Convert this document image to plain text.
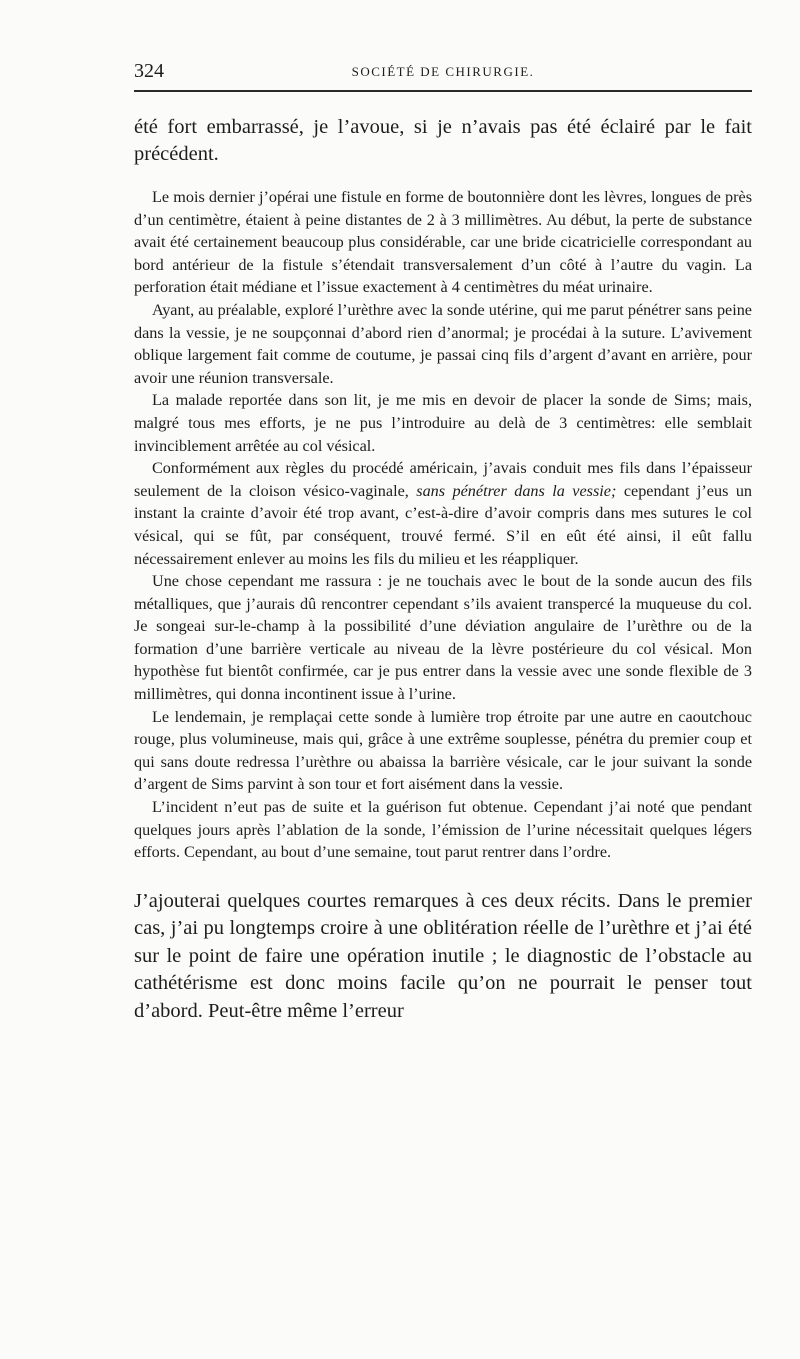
324	SOCIÉTÉ DE CHIRURGIE.

été fort embarrassé, je l’avoue, si je n’avais pas été éclairé par le fait précédent.

Le mois dernier j’opérai une fistule en forme de boutonnière dont les lèvres, longues de près d’un centimètre, étaient à peine distantes de 2 à 3 millimètres. Au début, la perte de substance avait été certainement beaucoup plus considérable, car une bride cicatricielle correspondant au bord antérieur de la fistule s’étendait transversalement d’un côté à l’autre du vagin. La perforation était médiane et l’issue exactement à 4 centimètres du méat urinaire.

Ayant, au préalable, exploré l’urèthre avec la sonde utérine, qui me parut pénétrer sans peine dans la vessie, je ne soupçonnai d’abord rien d’anormal; je procédai à la suture. L’avivement oblique largement fait comme de coutume, je passai cinq fils d’argent d’avant en arrière, pour avoir une réunion transversale.

La malade reportée dans son lit, je me mis en devoir de placer la sonde de Sims; mais, malgré tous mes efforts, je ne pus l’introduire au delà de 3 centimètres: elle semblait invinciblement arrêtée au col vésical.

Conformément aux règles du procédé américain, j’avais conduit mes fils dans l’épaisseur seulement de la cloison vésico-vaginale, sans pénétrer dans la vessie; cependant j’eus un instant la crainte d’avoir été trop avant, c’est-à-dire d’avoir compris dans mes sutures le col vésical, qui se fût, par conséquent, trouvé fermé. S’il en eût été ainsi, il eût fallu nécessairement enlever au moins les fils du milieu et les réappliquer.

Une chose cependant me rassura : je ne touchais avec le bout de la sonde aucun des fils métalliques, que j’aurais dû rencontrer cependant s’ils avaient transpercé la muqueuse du col. Je songeai sur-le-champ à la possibilité d’une déviation angulaire de l’urèthre ou de la formation d’une barrière verticale au niveau de la lèvre postérieure du col vésical. Mon hypothèse fut bientôt confirmée, car je pus entrer dans la vessie avec une sonde flexible de 3 millimètres, qui donna incontinent issue à l’urine.

Le lendemain, je remplaçai cette sonde à lumière trop étroite par une autre en caoutchouc rouge, plus volumineuse, mais qui, grâce à une extrême souplesse, pénétra du premier coup et qui sans doute redressa l’urèthre ou abaissa la barrière vésicale, car le jour suivant la sonde d’argent de Sims parvint à son tour et fort aisément dans la vessie.

L’incident n’eut pas de suite et la guérison fut obtenue. Cependant j’ai noté que pendant quelques jours après l’ablation de la sonde, l’émission de l’urine nécessitait quelques légers efforts. Cependant, au bout d’une semaine, tout parut rentrer dans l’ordre.

J’ajouterai quelques courtes remarques à ces deux récits. Dans le premier cas, j’ai pu longtemps croire à une oblitération réelle de l’urèthre et j’ai été sur le point de faire une opération inutile ; le diagnostic de l’obstacle au cathétérisme est donc moins facile qu’on ne pourrait le penser tout d’abord. Peut-être même l’erreur
